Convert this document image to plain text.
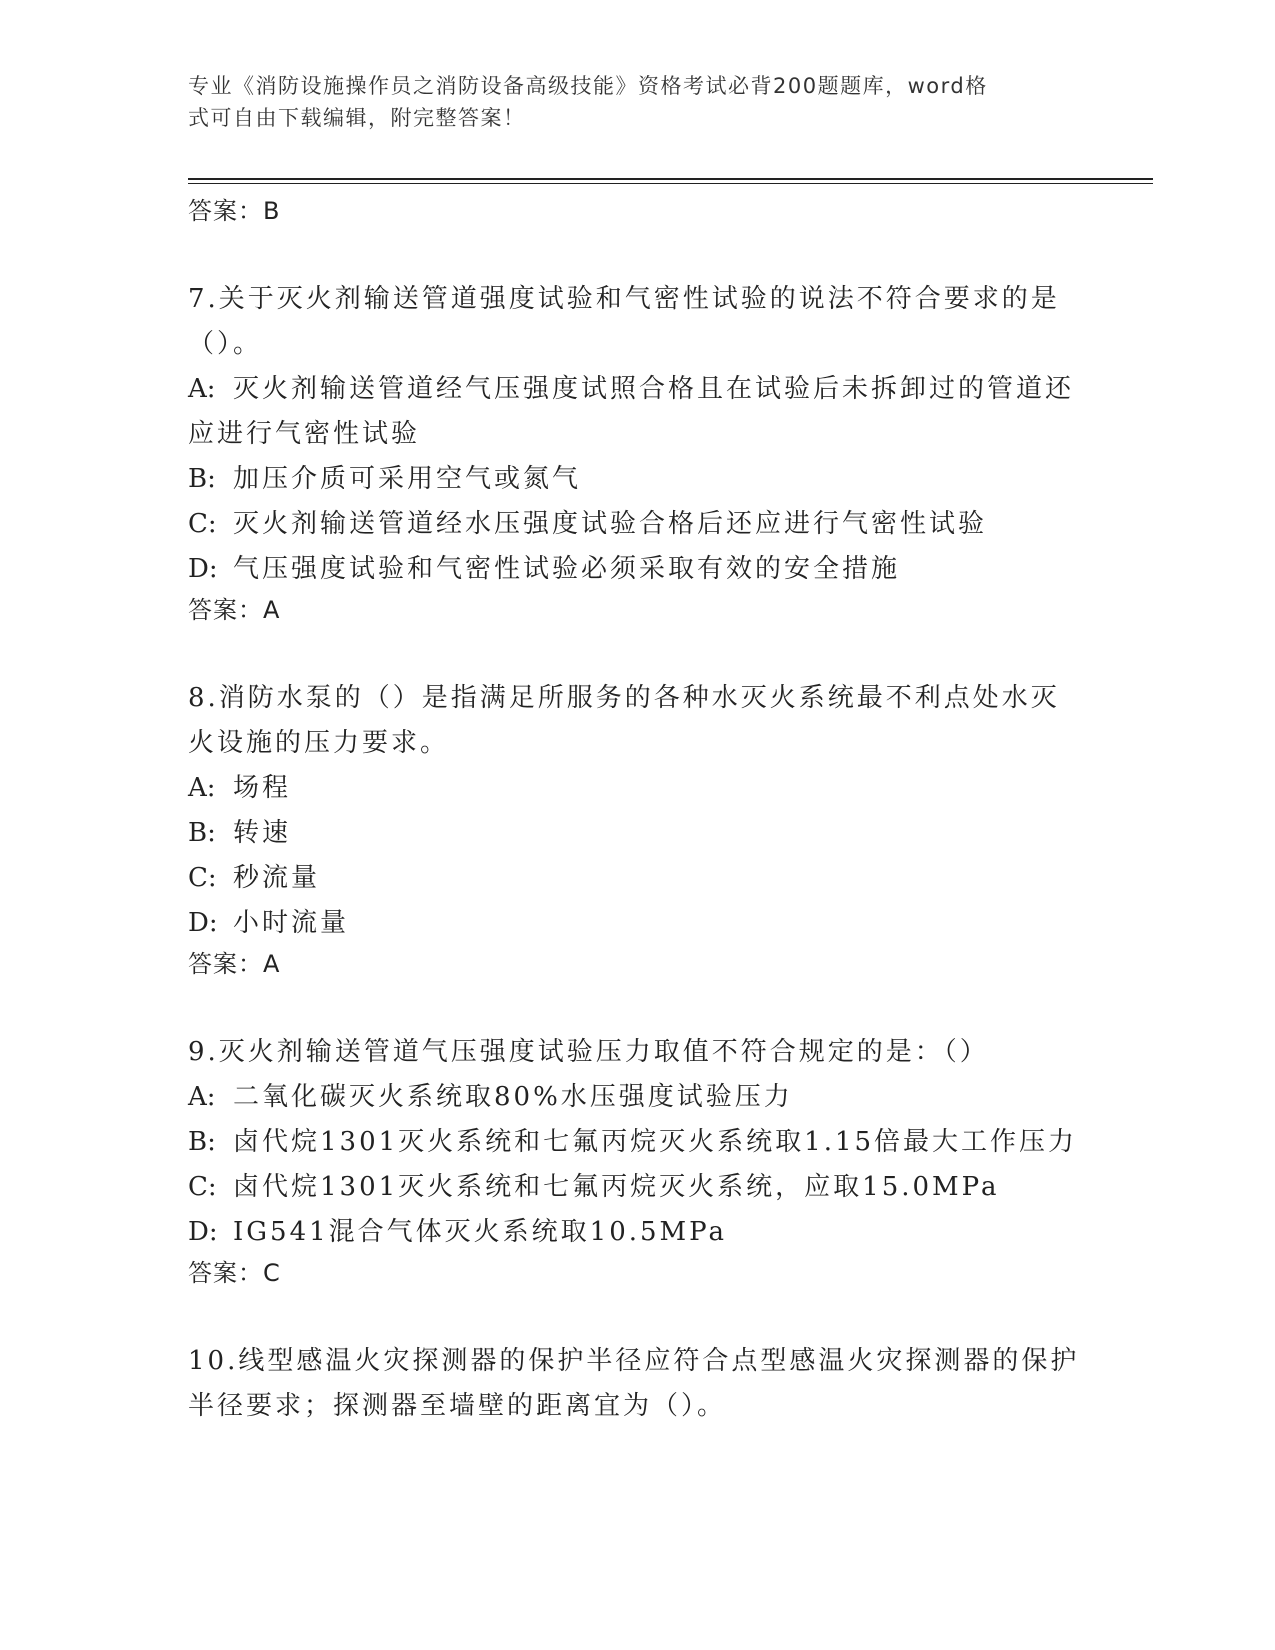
专业《消防设施操作员之消防设备高级技能》资格考试必背200题题库，word格
式可自由下载编辑，附完整答案！
答案：B
7.关于灭火剂输送管道强度试验和气密性试验的说法不符合要求的是
（）。
A: 灭火剂输送管道经气压强度试照合格且在试验后未拆卸过的管道还
应进行气密性试验
B: 加压介质可采用空气或氮气
C: 灭火剂输送管道经水压强度试验合格后还应进行气密性试验
D: 气压强度试验和气密性试验必须采取有效的安全措施
答案：A
8.消防水泵的（）是指满足所服务的各种水灭火系统最不利点处水灭
火设施的压力要求。
A: 场程
B: 转速
C: 秒流量
D: 小时流量
答案：A
9.灭火剂输送管道气压强度试验压力取值不符合规定的是：（）
A: 二氧化碳灭火系统取80%水压强度试验压力
B: 卤代烷1301灭火系统和七氟丙烷灭火系统取1.15倍最大工作压力
C: 卤代烷1301灭火系统和七氟丙烷灭火系统，应取15.0MPa
D: IG541混合气体灭火系统取10.5MPa
答案：C
10.线型感温火灾探测器的保护半径应符合点型感温火灾探测器的保护
半径要求；探测器至墙壁的距离宜为（）。
